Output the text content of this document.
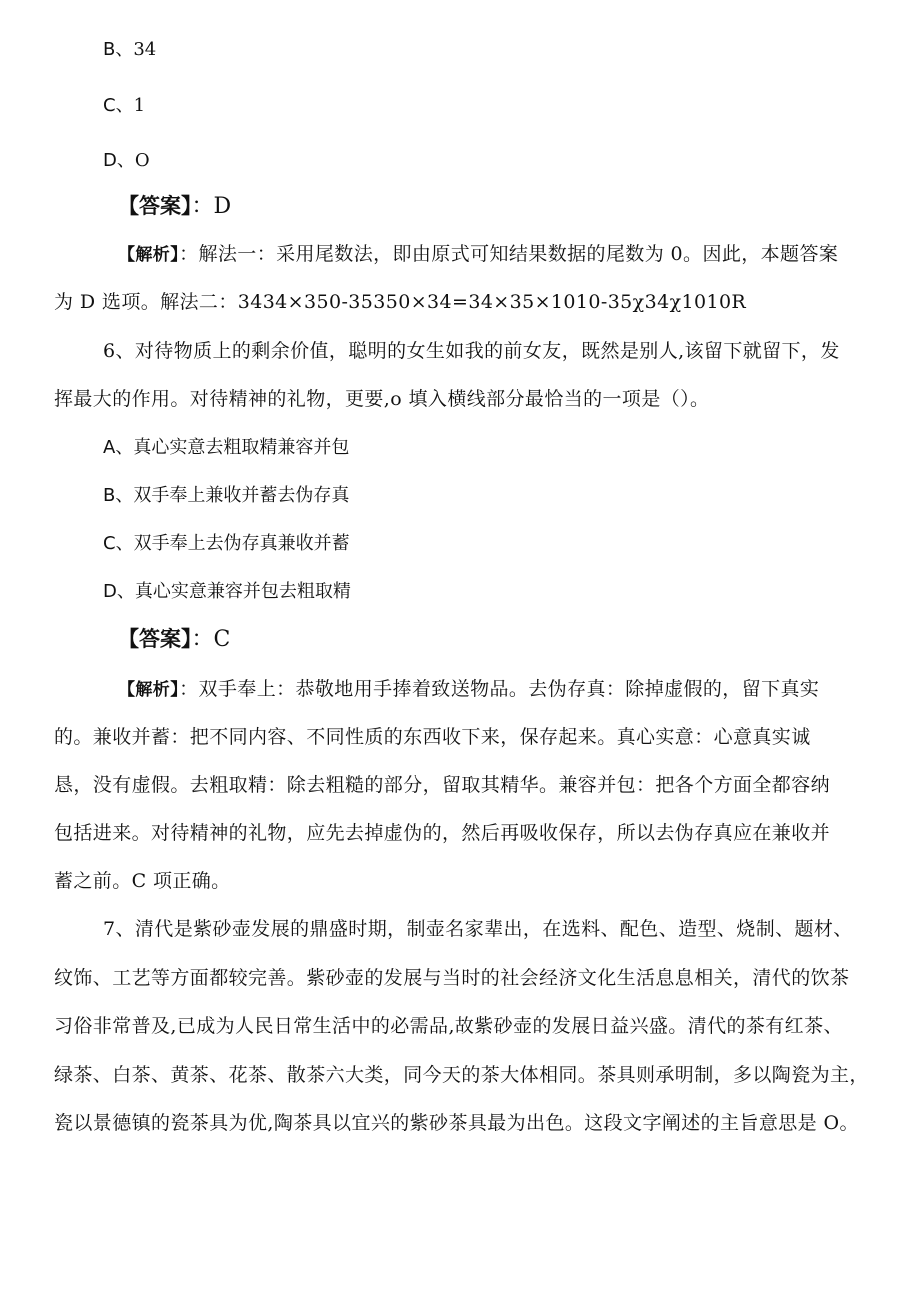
B、34
C、1
D、O
【答案】：D
【解析】：解法一：采用尾数法，即由原式可知结果数据的尾数为 0。因此，本题答案
为 D 选项。解法二：3434×350-35350×34=34×35×1010-35χ34χ1010R
6、对待物质上的剩余价值，聪明的女生如我的前女友，既然是别人,该留下就留下，发
挥最大的作用。对待精神的礼物，更要,o 填入横线部分最恰当的一项是（）。
A、真心实意去粗取精兼容并包
B、双手奉上兼收并蓄去伪存真
C、双手奉上去伪存真兼收并蓄
D、真心实意兼容并包去粗取精
【答案】：C
【解析】：双手奉上：恭敬地用手捧着致送物品。去伪存真：除掉虚假的，留下真实
的。兼收并蓄：把不同内容、不同性质的东西收下来，保存起来。真心实意：心意真实诚
恳，没有虚假。去粗取精：除去粗糙的部分，留取其精华。兼容并包：把各个方面全都容纳
包括进来。对待精神的礼物，应先去掉虚伪的，然后再吸收保存，所以去伪存真应在兼收并
蓄之前。C 项正确。
7、清代是紫砂壶发展的鼎盛时期，制壶名家辈出，在选料、配色、造型、烧制、题材、
纹饰、工艺等方面都较完善。紫砂壶的发展与当时的社会经济文化生活息息相关，清代的饮茶
习俗非常普及,已成为人民日常生活中的必需品,故紫砂壶的发展日益兴盛。清代的茶有红茶、
绿茶、白茶、黄茶、花茶、散茶六大类，同今天的茶大体相同。茶具则承明制，多以陶瓷为主，
瓷以景德镇的瓷茶具为优,陶茶具以宜兴的紫砂茶具最为出色。这段文字阐述的主旨意思是 O。
